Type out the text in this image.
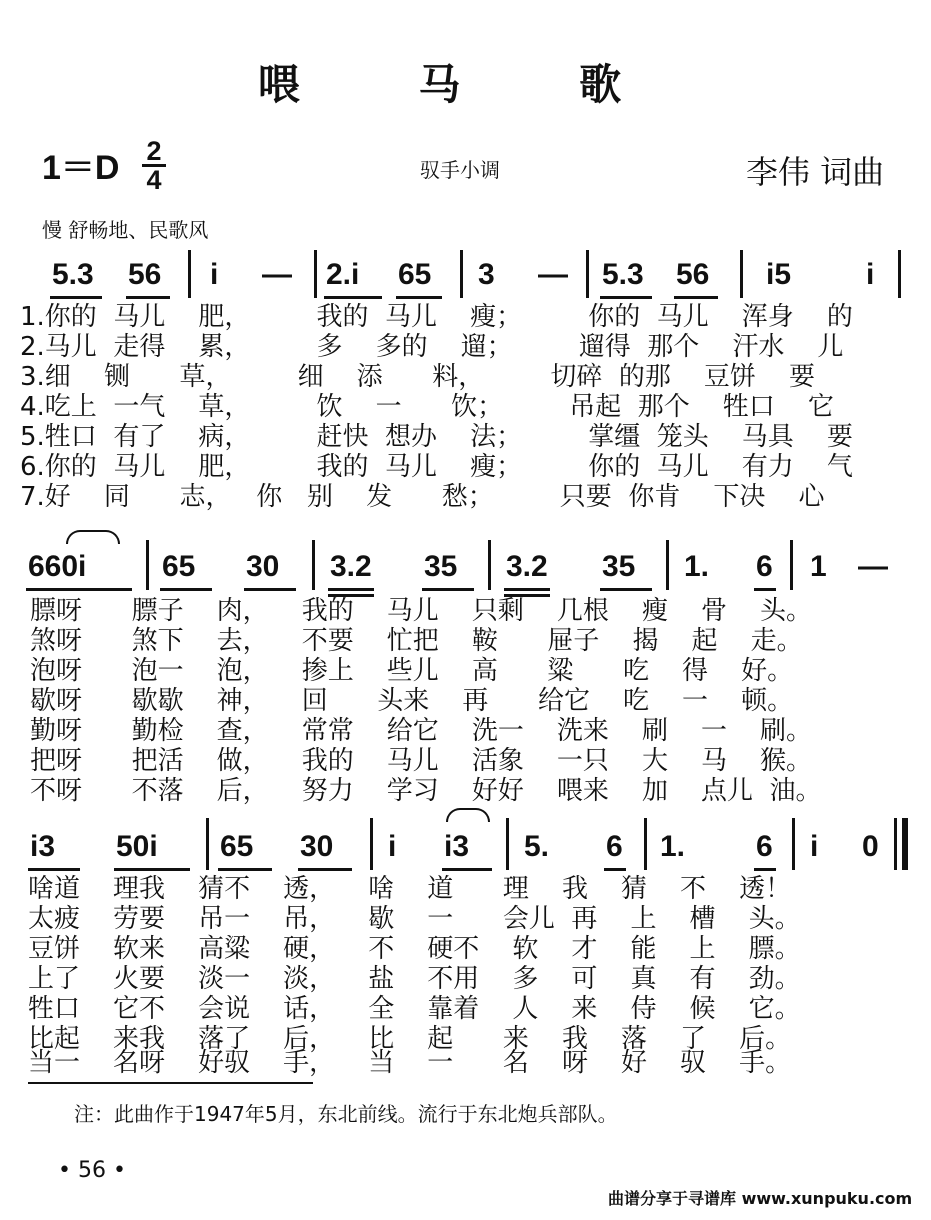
喂 马 歌
1＝D 2
4	驭手小调	李伟 词曲
慢 舒畅地、民歌风
5.3 56 i — 2.i 65 3 — 5.3 56 i5 i
1.你的  马儿    肥，        我的  马儿    瘦；        你的  马儿    浑身    的
2.马儿  走得    累，        多    多的    遛；        遛得  那个    汗水    儿
3.细    铡      草，        细    添      料，        切碎  的那    豆饼    要
4.吃上  一气    草，        饮    一      饮；        吊起  那个    牲口    它
5.牲口  有了    病，        赶快  想办    法；        掌缰  笼头    马具    要
6.你的  马儿    肥，        我的  马儿    瘦；        你的  马儿    有力    气
7.好    同      志，   你   别    发      愁；        只要  你肯    下决    心
660i	65 30 3.2 35 3.2 35 1. 6 1 —
膘呀      膘子    肉，    我的    马儿    只剩    几根    瘦    骨    头。
煞呀      煞下    去，    不要    忙把    鞍      屉子    揭    起    走。
泡呀      泡一    泡，    掺上    些儿    高      粱      吃    得    好。
歇呀      歇歇    神，    回      头来    再      给它    吃    一    顿。
勤呀      勤检    查，    常常    给它    洗一    洗来    刷    一    刷。
把呀      把活    做，    我的    马儿    活象    一只    大    马    猴。
不呀      不落    后，    努力    学习    好好    喂来    加    点儿  油。
i3 50i 65 30 i i3 5. 6 1. 6 i 0
啥道    理我    猜不    透，    啥    道      理    我    猜    不    透！
太疲    劳要    吊一    吊，    歇    一      会儿  再    上    槽    头。
豆饼    软来    高粱    硬，    不    硬不    软    才    能    上    膘。
上了    火要    淡一    淡，    盐    不用    多    可    真    有    劲。
牲口    它不    会说    话，    全    靠着    人    来    侍    候    它。
比起    来我    落了    后，    比    起      来    我    落    了    后。
当一    名呀    好驭    手，    当    一      名    呀    好    驭    手。
注：此曲作于1947年5月，东北前线。流行于东北炮兵部队。
• 56 •
曲谱分享于寻谱库 www.xunpuku.com
